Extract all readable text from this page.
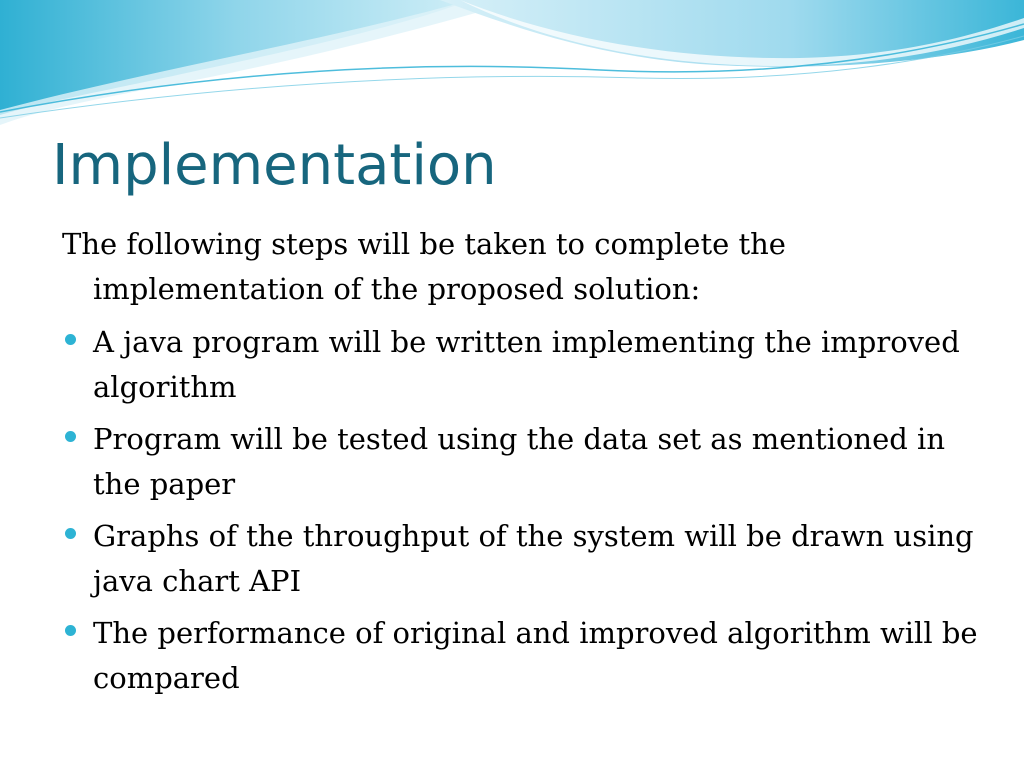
Implementation

The following steps will be taken to complete the implementation of the proposed solution:

A java program will be written implementing the improved algorithm
Program will be tested using the data set as mentioned in the paper
Graphs of the throughput of the system will be drawn using java chart API
The performance of original and improved algorithm will be compared
